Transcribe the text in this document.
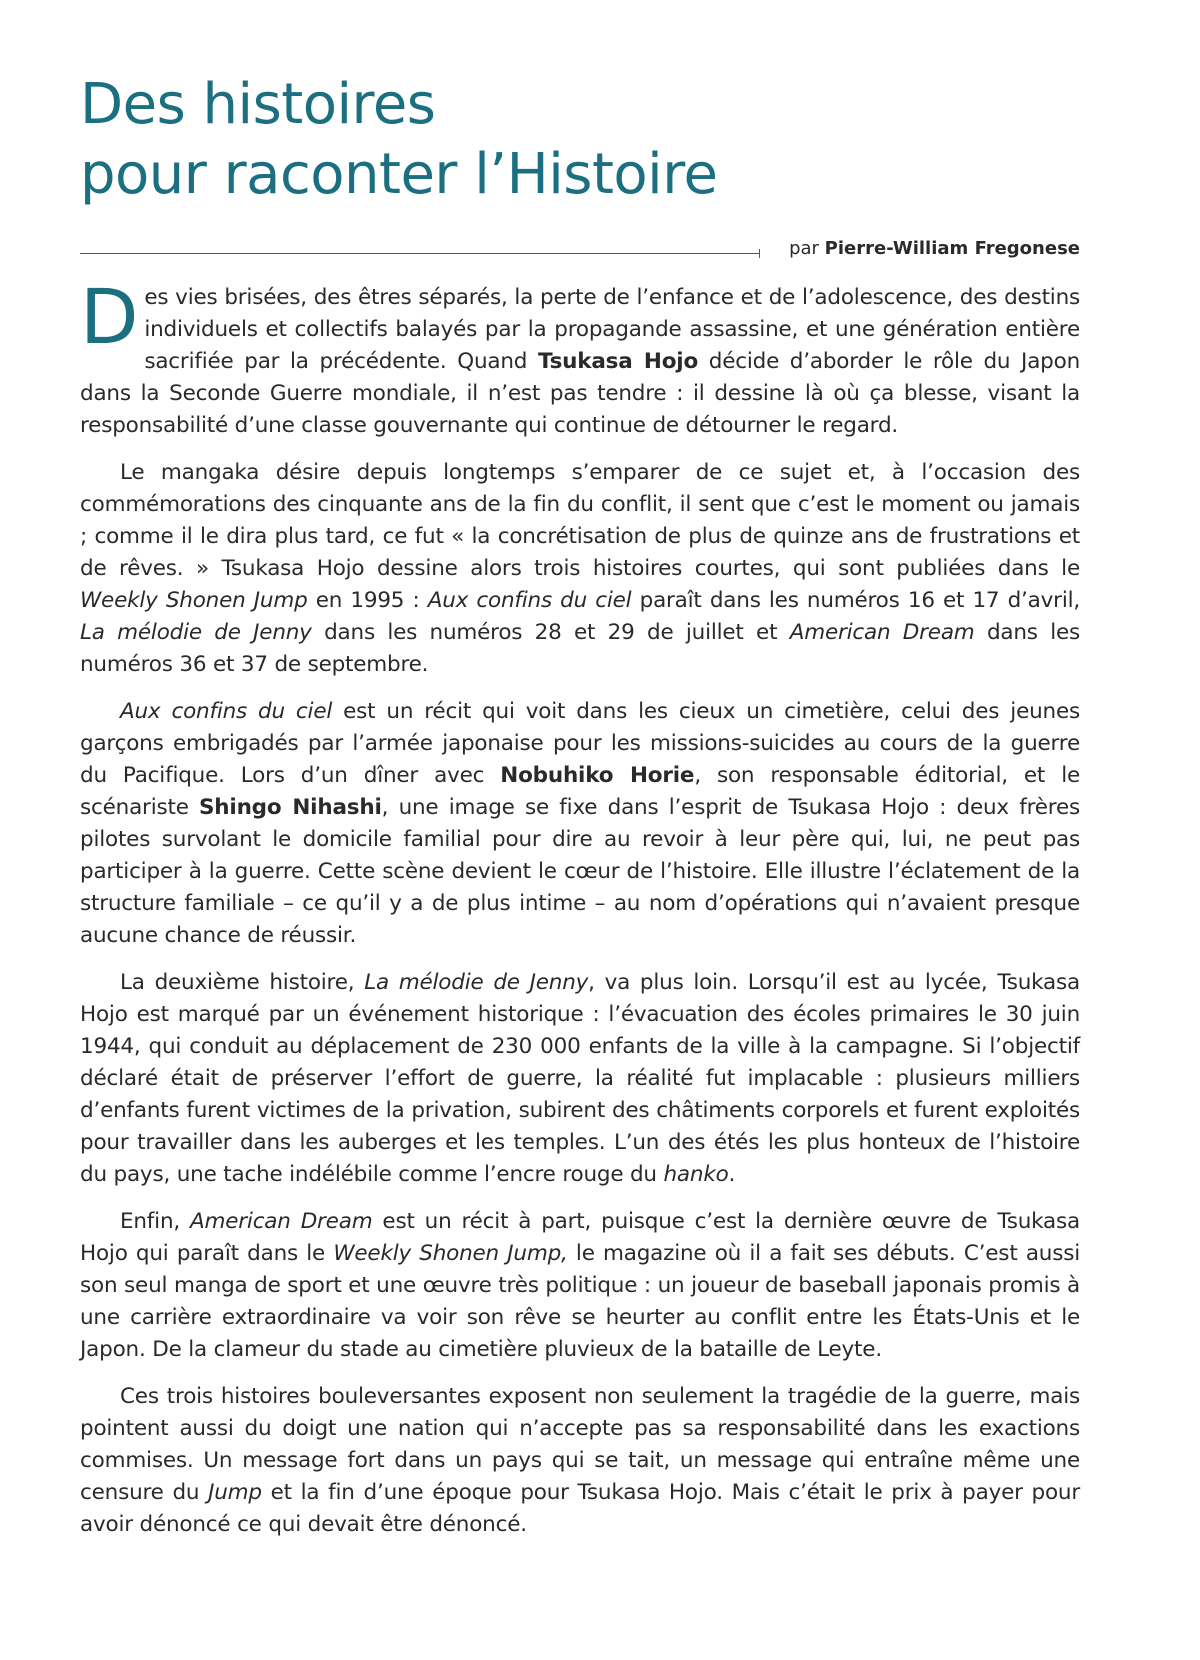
Des histoires
pour raconter l’Histoire
par Pierre-William Fregonese

Des vies brisées, des êtres séparés, la perte de l’enfance et de l’adolescence, des destins individuels et collectifs balayés par la propagande assassine, et une génération entière sacrifiée par la précédente. Quand Tsukasa Hojo décide d’aborder le rôle du Japon dans la Seconde Guerre mondiale, il n’est pas tendre : il dessine là où ça blesse, visant la responsabilité d’une classe gouvernante qui continue de détourner le regard.

Le mangaka désire depuis longtemps s’emparer de ce sujet et, à l’occasion des commémorations des cinquante ans de la fin du conflit, il sent que c’est le moment ou jamais ; comme il le dira plus tard, ce fut « la concrétisation de plus de quinze ans de frustrations et de rêves. » Tsukasa Hojo dessine alors trois histoires courtes, qui sont publiées dans le Weekly Shonen Jump en 1995 : Aux confins du ciel paraît dans les numéros 16 et 17 d’avril, La mélodie de Jenny dans les numéros 28 et 29 de juillet et American Dream dans les numéros 36 et 37 de septembre.

Aux confins du ciel est un récit qui voit dans les cieux un cimetière, celui des jeunes garçons embrigadés par l’armée japonaise pour les missions-suicides au cours de la guerre du Pacifique. Lors d’un dîner avec Nobuhiko Horie, son responsable éditorial, et le scénariste Shingo Nihashi, une image se fixe dans l’esprit de Tsukasa Hojo : deux frères pilotes survolant le domicile familial pour dire au revoir à leur père qui, lui, ne peut pas participer à la guerre. Cette scène devient le cœur de l’histoire. Elle illustre l’éclatement de la structure familiale – ce qu’il y a de plus intime – au nom d’opérations qui n’avaient presque aucune chance de réussir.

La deuxième histoire, La mélodie de Jenny, va plus loin. Lorsqu’il est au lycée, Tsukasa Hojo est marqué par un événement historique : l’évacuation des écoles primaires le 30 juin 1944, qui conduit au déplacement de 230 000 enfants de la ville à la campagne. Si l’objectif déclaré était de préserver l’effort de guerre, la réalité fut implacable : plusieurs milliers d’enfants furent victimes de la privation, subirent des châtiments corporels et furent exploités pour travailler dans les auberges et les temples. L’un des étés les plus honteux de l’histoire du pays, une tache indélébile comme l’encre rouge du hanko.

Enfin, American Dream est un récit à part, puisque c’est la dernière œuvre de Tsukasa Hojo qui paraît dans le Weekly Shonen Jump, le magazine où il a fait ses débuts. C’est aussi son seul manga de sport et une œuvre très politique : un joueur de baseball japonais promis à une carrière extraordinaire va voir son rêve se heurter au conflit entre les États-Unis et le Japon. De la clameur du stade au cimetière pluvieux de la bataille de Leyte.

Ces trois histoires bouleversantes exposent non seulement la tragédie de la guerre, mais pointent aussi du doigt une nation qui n’accepte pas sa responsabilité dans les exactions commises. Un message fort dans un pays qui se tait, un message qui entraîne même une censure du Jump et la fin d’une époque pour Tsukasa Hojo. Mais c’était le prix à payer pour avoir dénoncé ce qui devait être dénoncé.
